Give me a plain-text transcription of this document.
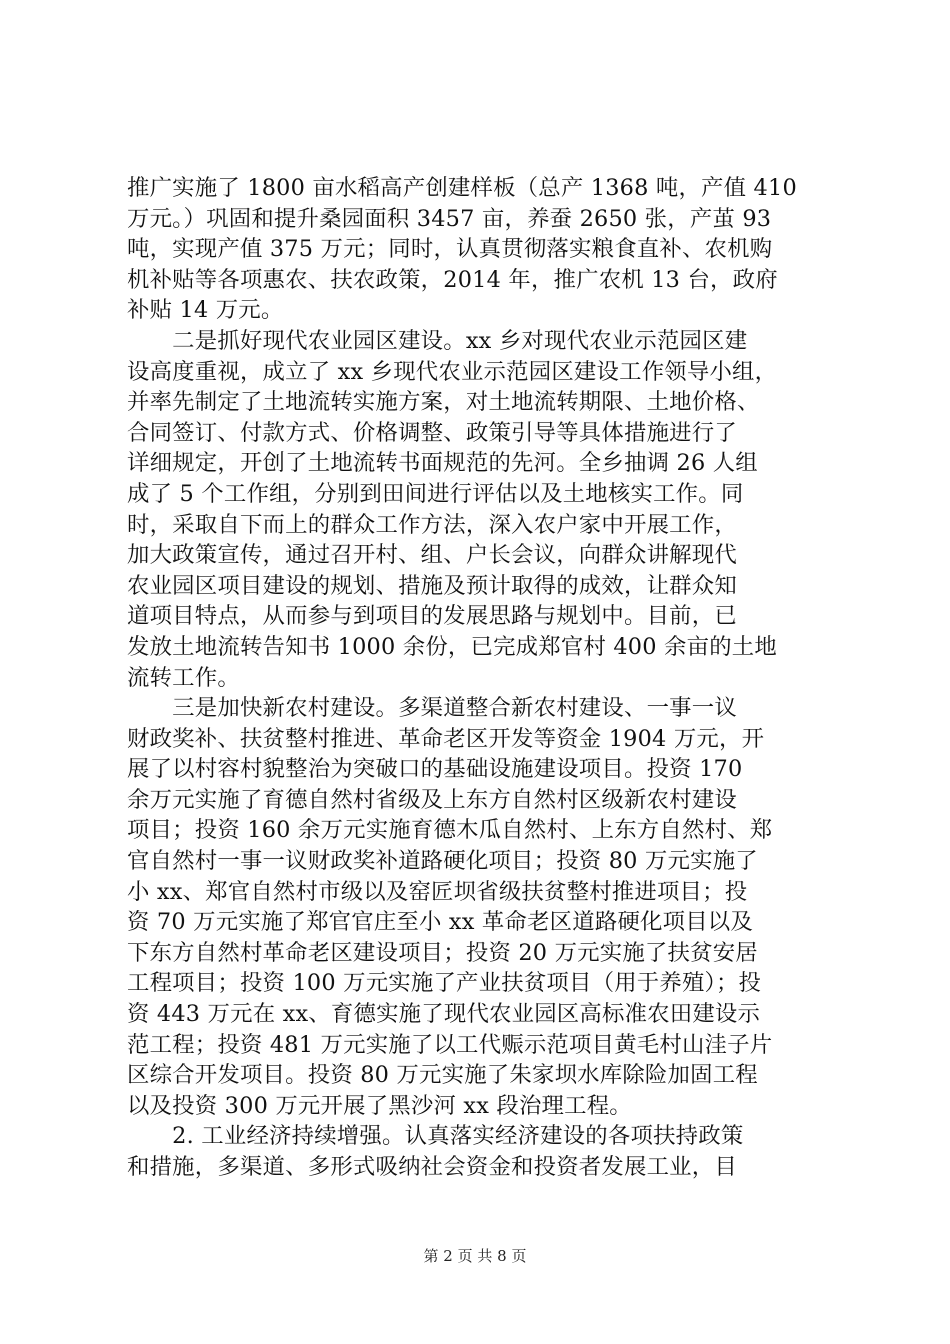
推广实施了 1800 亩水稻高产创建样板（总产 1368 吨，产值 410
万元。）巩固和提升桑园面积 3457 亩，养蚕 2650 张，产茧 93
吨，实现产值 375 万元；同时，认真贯彻落实粮食直补、农机购
机补贴等各项惠农、扶农政策，2014 年，推广农机 13 台，政府
补贴 14 万元。
　　二是抓好现代农业园区建设。xx 乡对现代农业示范园区建
设高度重视，成立了 xx 乡现代农业示范园区建设工作领导小组，
并率先制定了土地流转实施方案，对土地流转期限、土地价格、
合同签订、付款方式、价格调整、政策引导等具体措施进行了
详细规定，开创了土地流转书面规范的先河。全乡抽调 26 人组
成了 5 个工作组，分别到田间进行评估以及土地核实工作。同
时，采取自下而上的群众工作方法，深入农户家中开展工作，
加大政策宣传，通过召开村、组、户长会议，向群众讲解现代
农业园区项目建设的规划、措施及预计取得的成效，让群众知
道项目特点，从而参与到项目的发展思路与规划中。目前，已
发放土地流转告知书 1000 余份，已完成郑官村 400 余亩的土地
流转工作。
　　三是加快新农村建设。多渠道整合新农村建设、一事一议
财政奖补、扶贫整村推进、革命老区开发等资金 1904 万元，开
展了以村容村貌整治为突破口的基础设施建设项目。投资 170
余万元实施了育德自然村省级及上东方自然村区级新农村建设
项目；投资 160 余万元实施育德木瓜自然村、上东方自然村、郑
官自然村一事一议财政奖补道路硬化项目；投资 80 万元实施了
小 xx、郑官自然村市级以及窑匠坝省级扶贫整村推进项目；投
资 70 万元实施了郑官官庄至小 xx 革命老区道路硬化项目以及
下东方自然村革命老区建设项目；投资 20 万元实施了扶贫安居
工程项目；投资 100 万元实施了产业扶贫项目（用于养殖）；投
资 443 万元在 xx、育德实施了现代农业园区高标准农田建设示
范工程；投资 481 万元实施了以工代赈示范项目黄毛村山洼子片
区综合开发项目。投资 80 万元实施了朱家坝水库除险加固工程
以及投资 300 万元开展了黑沙河 xx 段治理工程。
　　2. 工业经济持续增强。认真落实经济建设的各项扶持政策
和措施，多渠道、多形式吸纳社会资金和投资者发展工业，目
第 2 页 共 8 页
